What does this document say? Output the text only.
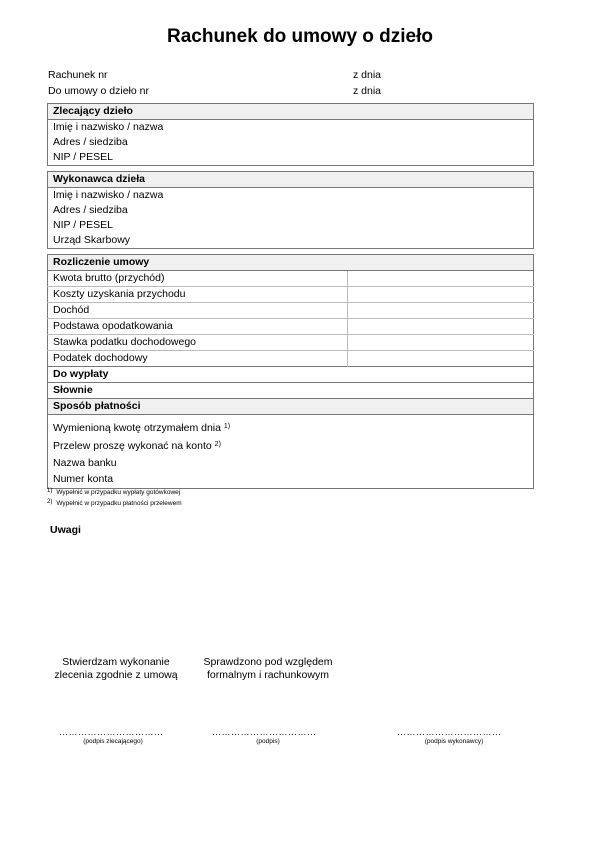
Rachunek do umowy o dzieło
Rachunek nr	z dnia
Do umowy o dzieło nr	z dnia
Zlecający dzieło
Imię i nazwisko / nazwa
Adres / siedziba
NIP / PESEL
Wykonawca dzieła
Imię i nazwisko / nazwa
Adres / siedziba
NIP / PESEL
Urząd Skarbowy
Rozliczenie umowy	
Kwota brutto (przychód)	
Koszty uzyskania przychodu	
Dochód	
Podstawa opodatkowania	
Stawka podatku dochodowego	
Podatek dochodowy	
Do wypłaty	
Słownie	
Sposób płatności
Wymienioną kwotę otrzymałem dnia $^{1)}$
Przelew proszę wykonać na konto $^{2)}$
Nazwa banku
Numer konta
$^{1)}$ Wypełnić w przypadku wypłaty gotówkowej
$^{2)}$ Wypełnić w przypadku płatności przelewem
Uwagi
Stwierdzam wykonanie
zlecenia zgodnie z umową
Sprawdzono pod względem
formalnym i rachunkowym
……………………………	……………………………	……………………………
(podpis zlecającego)	(podpis)	(podpis wykonawcy)
